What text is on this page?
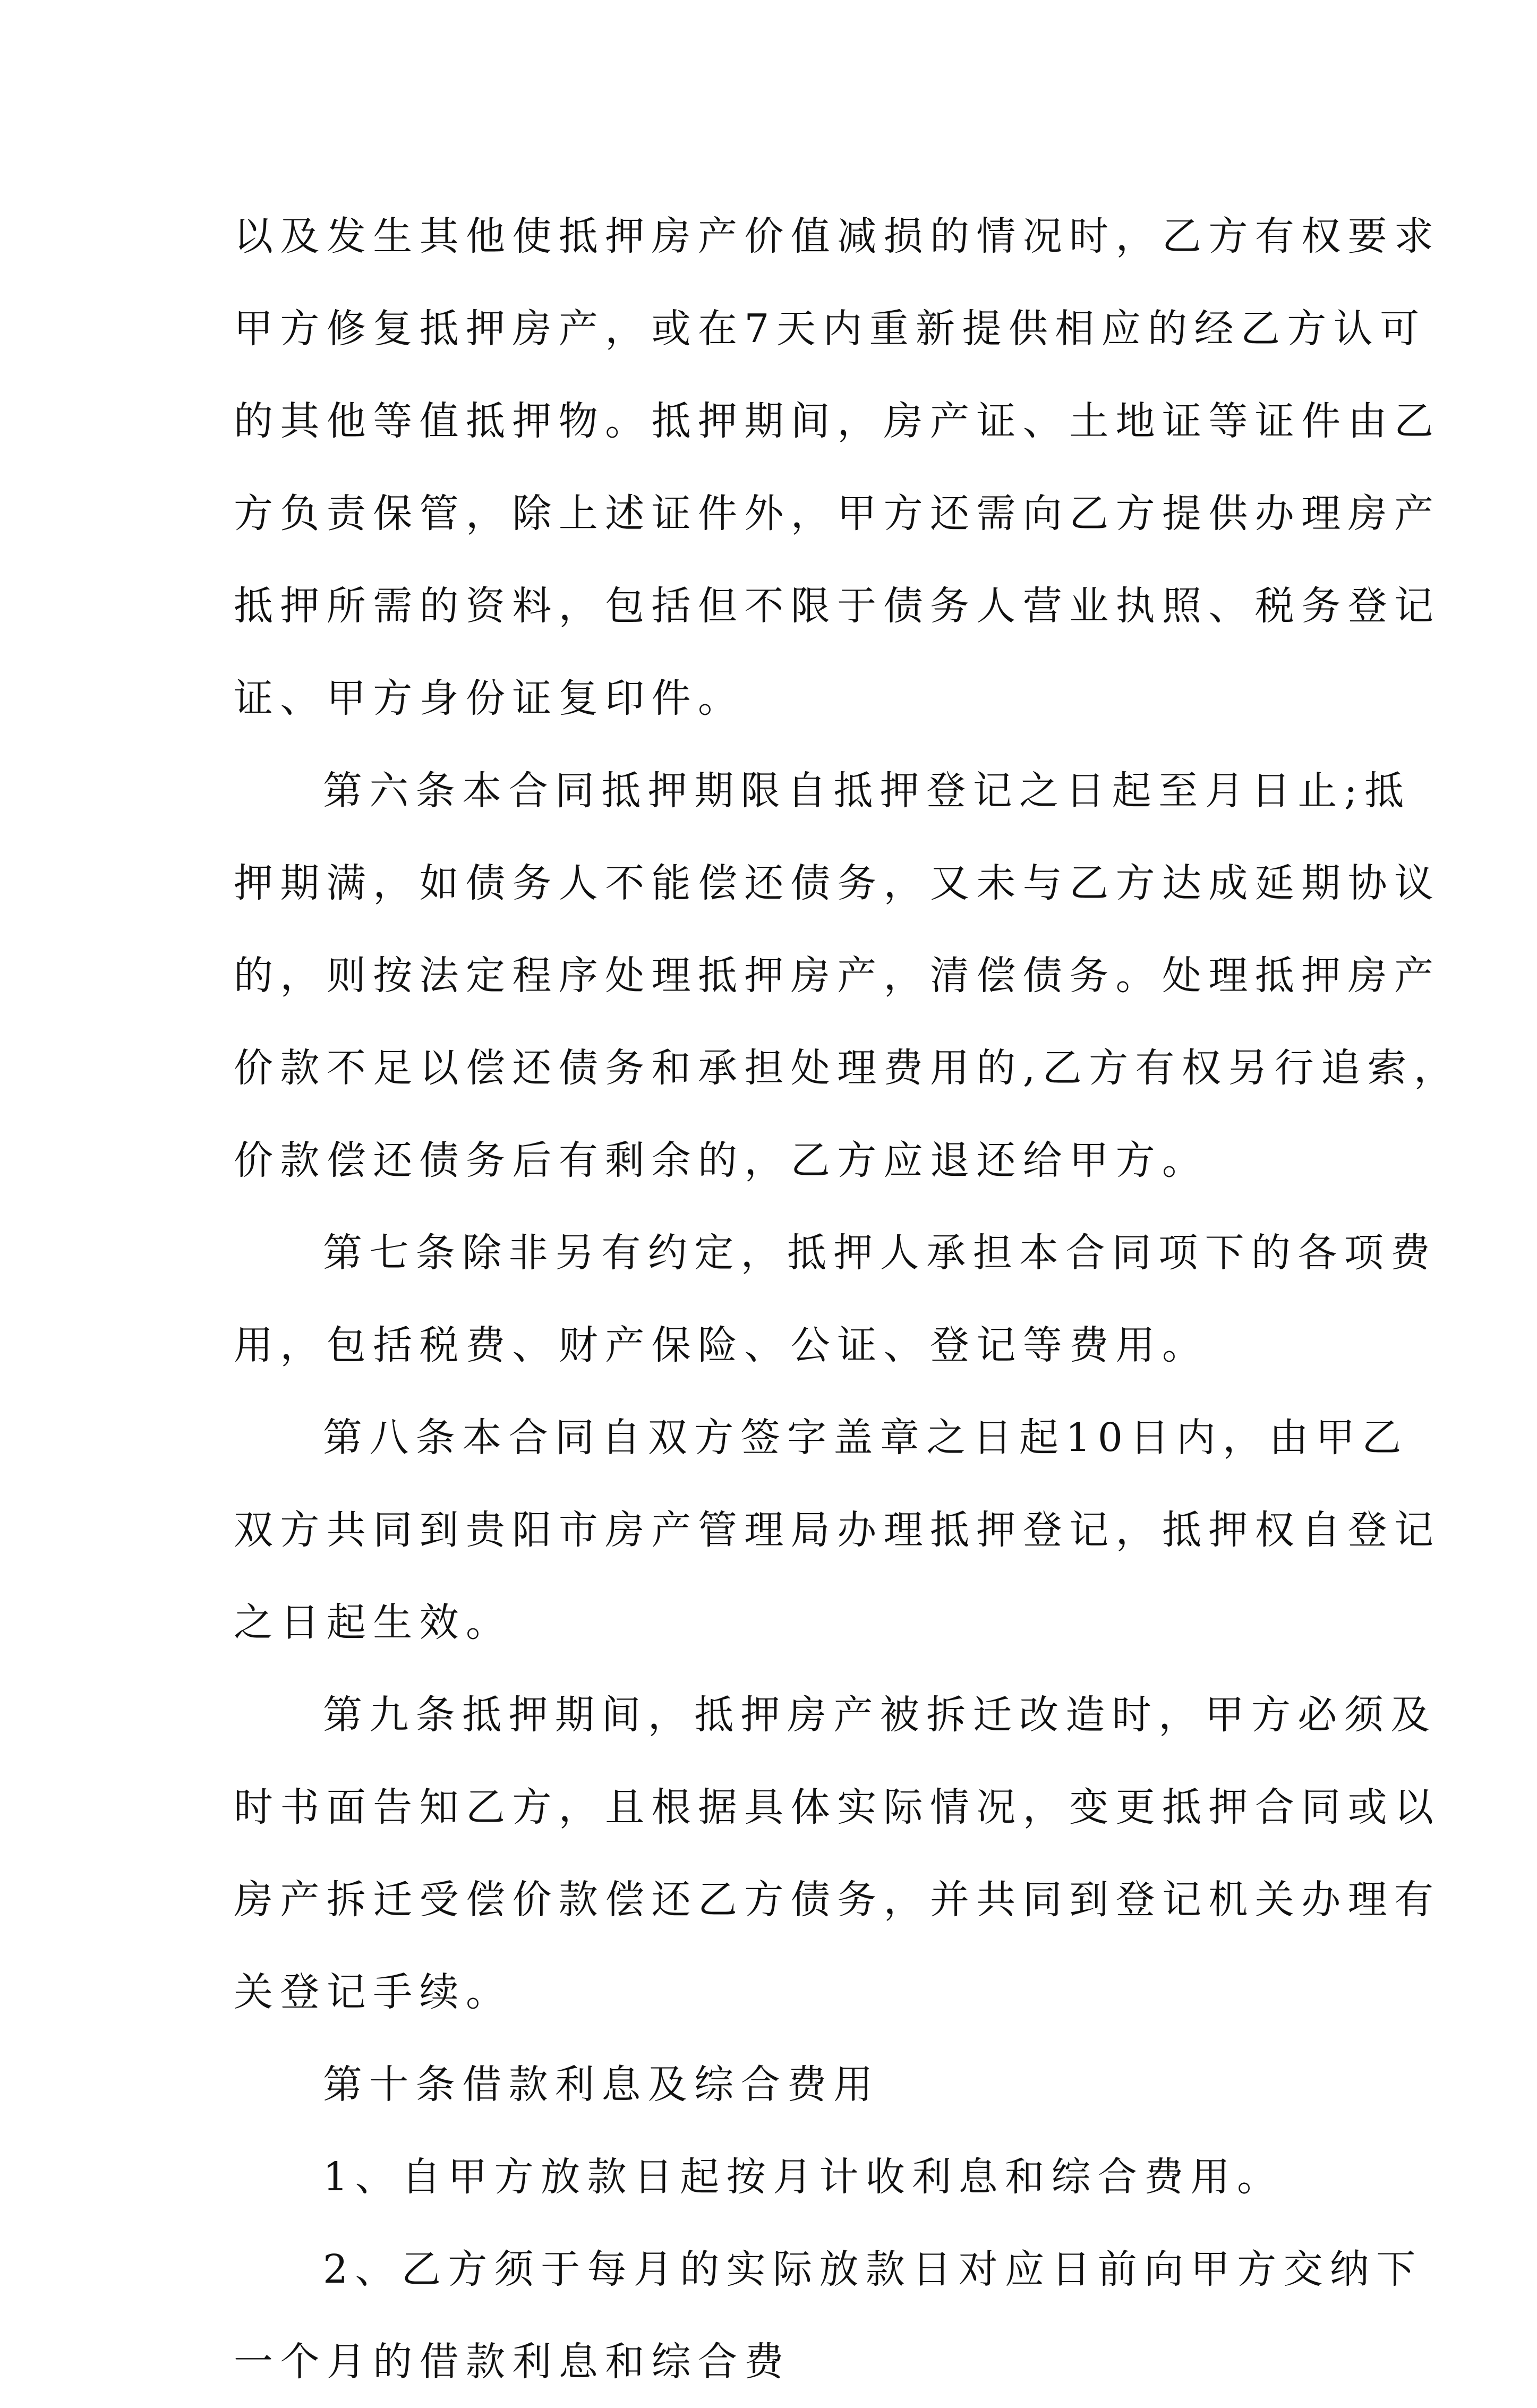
以及发生其他使抵押房产价值减损的情况时，乙方有权要求
甲方修复抵押房产，或在7天内重新提供相应的经乙方认可
的其他等值抵押物。抵押期间，房产证、土地证等证件由乙
方负责保管，除上述证件外，甲方还需向乙方提供办理房产
抵押所需的资料，包括但不限于债务人营业执照、税务登记
证、甲方身份证复印件。
第六条本合同抵押期限自抵押登记之日起至月日止;抵
押期满，如债务人不能偿还债务，又未与乙方达成延期协议
的，则按法定程序处理抵押房产，清偿债务。处理抵押房产
价款不足以偿还债务和承担处理费用的,乙方有权另行追索，
价款偿还债务后有剩余的，乙方应退还给甲方。
第七条除非另有约定，抵押人承担本合同项下的各项费
用，包括税费、财产保险、公证、登记等费用。
第八条本合同自双方签字盖章之日起10日内，由甲乙
双方共同到贵阳市房产管理局办理抵押登记，抵押权自登记
之日起生效。
第九条抵押期间，抵押房产被拆迁改造时，甲方必须及
时书面告知乙方，且根据具体实际情况，变更抵押合同或以
房产拆迁受偿价款偿还乙方债务，并共同到登记机关办理有
关登记手续。
第十条借款利息及综合费用
1、自甲方放款日起按月计收利息和综合费用。
2、乙方须于每月的实际放款日对应日前向甲方交纳下
一个月的借款利息和综合费
